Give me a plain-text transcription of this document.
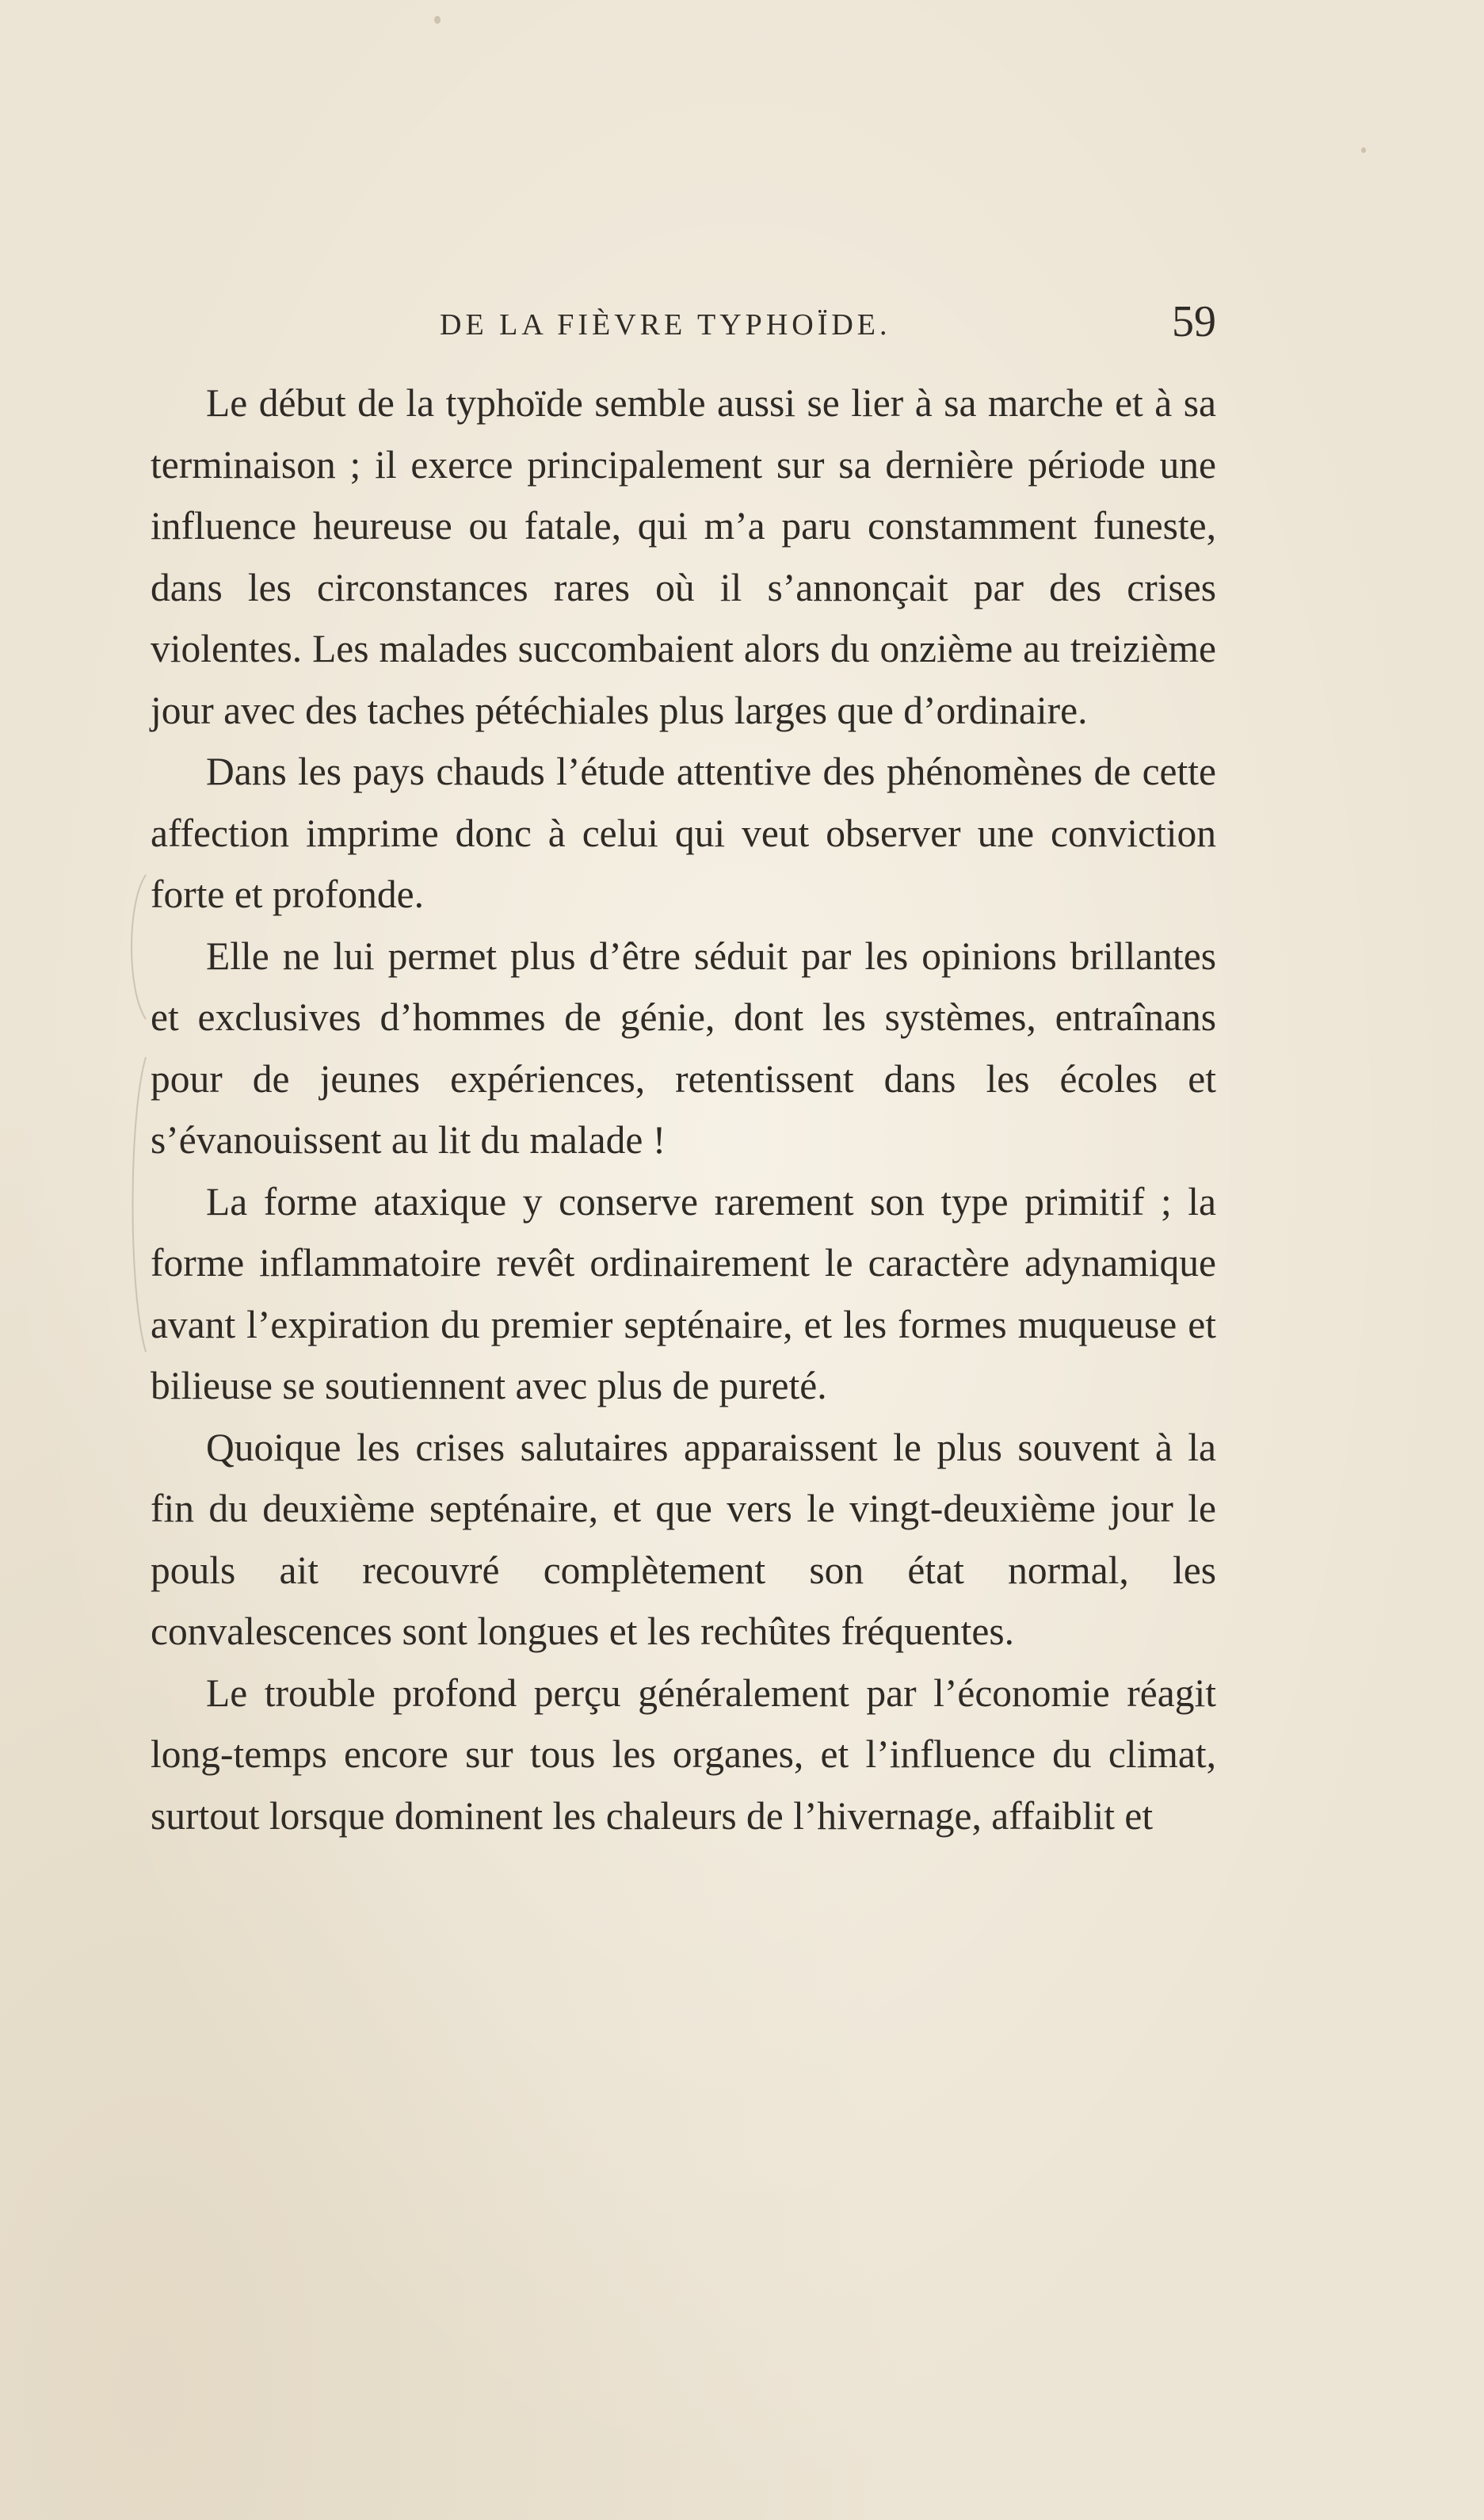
DE LA FIÈVRE TYPHOÏDE.	59

Le début de la typhoïde semble aussi se lier à sa marche et à sa terminaison ; il exerce principalement sur sa dernière période une influence heureuse ou fatale, qui m’a paru constamment funeste, dans les circonstances rares où il s’annonçait par des crises violentes. Les malades succombaient alors du onzième au treizième jour avec des taches pétéchiales plus larges que d’ordinaire.

Dans les pays chauds l’étude attentive des phénomènes de cette affection imprime donc à celui qui veut observer une conviction forte et profonde.

Elle ne lui permet plus d’être séduit par les opinions brillantes et exclusives d’hommes de génie, dont les systèmes, entraînans pour de jeunes expériences, retentissent dans les écoles et s’évanouissent au lit du malade !

La forme ataxique y conserve rarement son type primitif ; la forme inflammatoire revêt ordinairement le caractère adynamique avant l’expiration du premier septénaire, et les formes muqueuse et bilieuse se soutiennent avec plus de pureté.

Quoique les crises salutaires apparaissent le plus souvent à la fin du deuxième septénaire, et que vers le vingt-deuxième jour le pouls ait recouvré complètement son état normal, les convalescences sont longues et les rechûtes fréquentes.

Le trouble profond perçu généralement par l’économie réagit long-temps encore sur tous les organes, et l’influence du climat, surtout lorsque dominent les chaleurs de l’hivernage, affaiblit et
